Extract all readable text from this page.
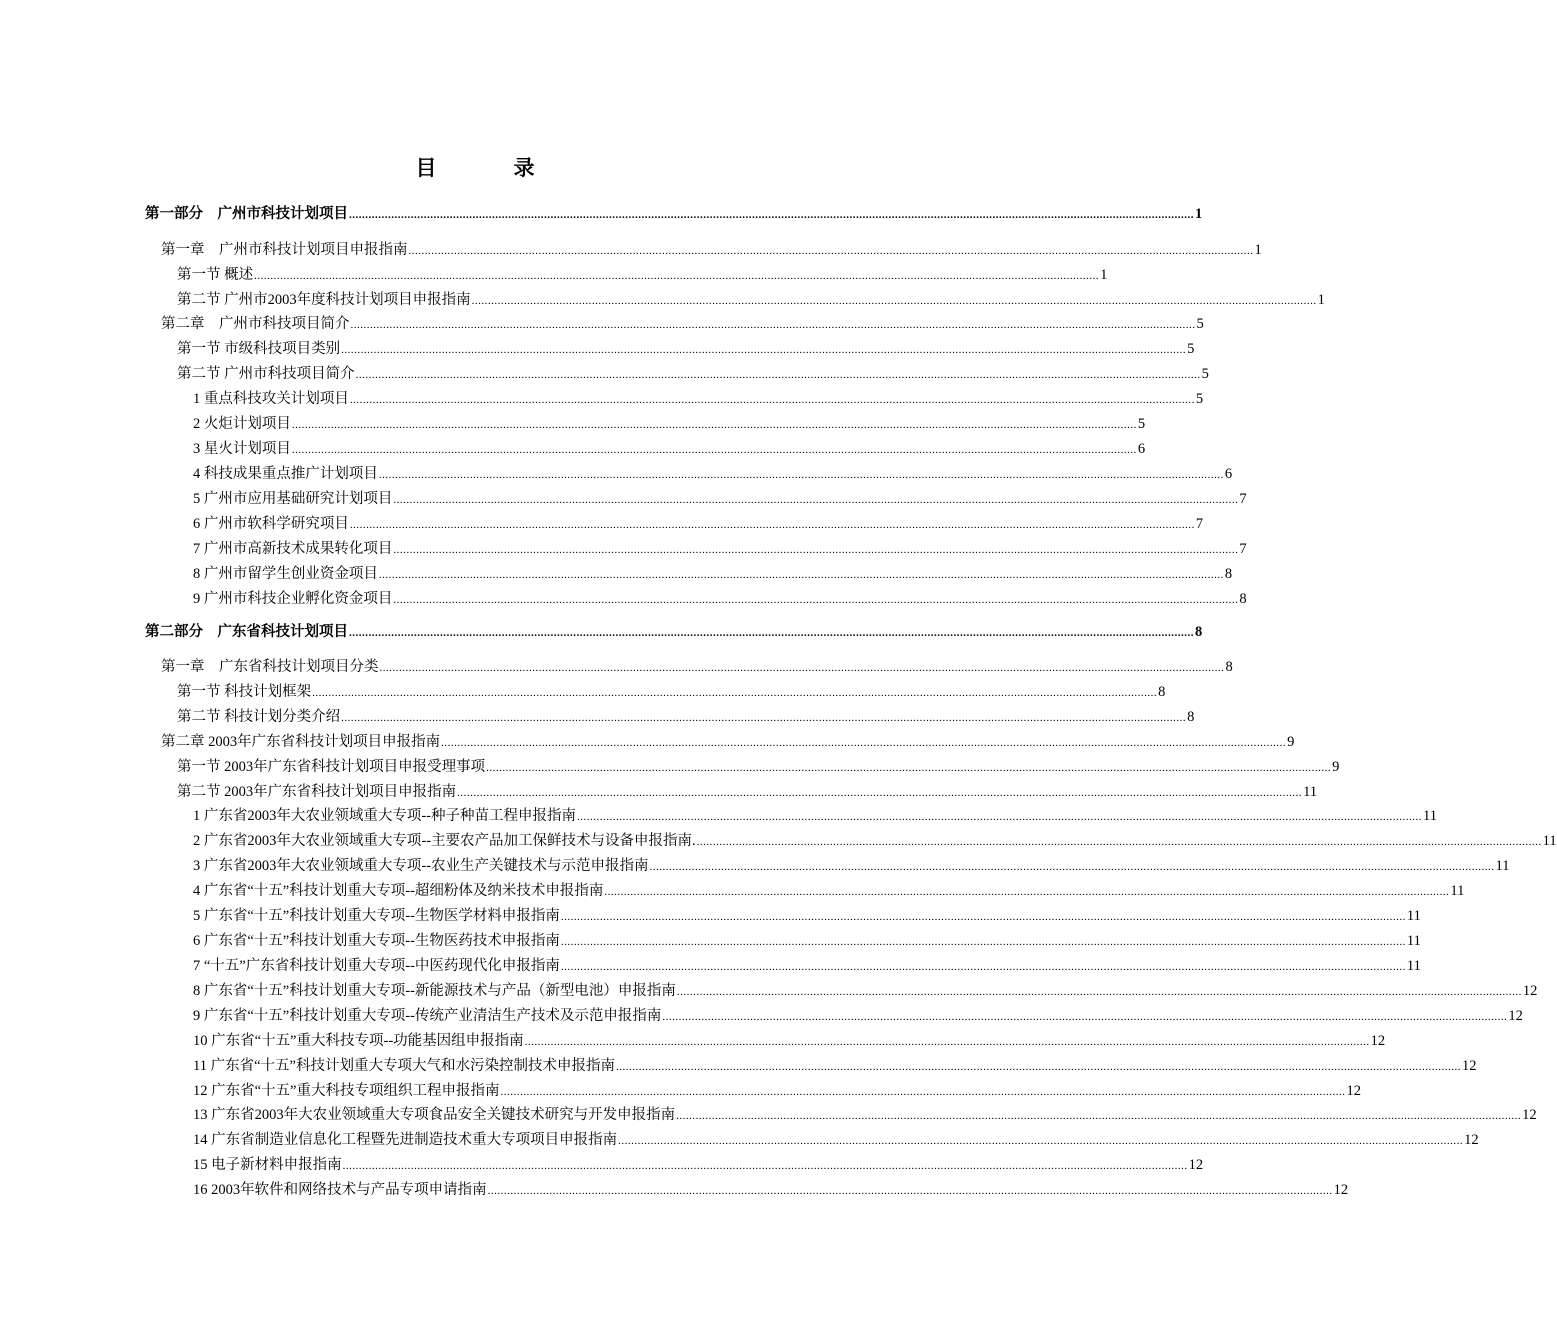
目　录
第一部分　广州市科技计划项目 .................................................................................................................................................................................................................................................................... 1
第一章　广州市科技计划项目申报指南 .................................................................................................................................................................................................................................................................... 1
第一节 概述 .................................................................................................................................................................................................................................................................... 1
第二节 广州市2003年度科技计划项目申报指南 .................................................................................................................................................................................................................................................................... 1
第二章　广州市科技项目简介 .................................................................................................................................................................................................................................................................... 5
第一节 市级科技项目类别 .................................................................................................................................................................................................................................................................... 5
第二节 广州市科技项目简介 .................................................................................................................................................................................................................................................................... 5
1 重点科技攻关计划项目 .................................................................................................................................................................................................................................................................... 5
2 火炬计划项目 .................................................................................................................................................................................................................................................................... 5
3 星火计划项目 .................................................................................................................................................................................................................................................................... 6
4 科技成果重点推广计划项目 .................................................................................................................................................................................................................................................................... 6
5 广州市应用基础研究计划项目 .................................................................................................................................................................................................................................................................... 7
6 广州市软科学研究项目 .................................................................................................................................................................................................................................................................... 7
7 广州市高新技术成果转化项目 .................................................................................................................................................................................................................................................................... 7
8 广州市留学生创业资金项目 .................................................................................................................................................................................................................................................................... 8
9 广州市科技企业孵化资金项目 .................................................................................................................................................................................................................................................................... 8
第二部分　广东省科技计划项目 .................................................................................................................................................................................................................................................................... 8
第一章　广东省科技计划项目分类 .................................................................................................................................................................................................................................................................... 8
第一节 科技计划框架 .................................................................................................................................................................................................................................................................... 8
第二节 科技计划分类介绍 .................................................................................................................................................................................................................................................................... 8
第二章 2003年广东省科技计划项目申报指南 .................................................................................................................................................................................................................................................................... 9
第一节 2003年广东省科技计划项目申报受理事项 .................................................................................................................................................................................................................................................................... 9
第二节 2003年广东省科技计划项目申报指南 .................................................................................................................................................................................................................................................................... 11
1 广东省2003年大农业领域重大专项--种子种苗工程申报指南 .................................................................................................................................................................................................................................................................... 11
2 广东省2003年大农业领域重大专项--主要农产品加工保鲜技术与设备申报指南. .................................................................................................................................................................................................................................................................... 11
3 广东省2003年大农业领域重大专项--农业生产关键技术与示范申报指南 .................................................................................................................................................................................................................................................................... 11
4 广东省“十五”科技计划重大专项--超细粉体及纳米技术申报指南 .................................................................................................................................................................................................................................................................... 11
5 广东省“十五”科技计划重大专项--生物医学材料申报指南 .................................................................................................................................................................................................................................................................... 11
6 广东省“十五”科技计划重大专项--生物医药技术申报指南 .................................................................................................................................................................................................................................................................... 11
7 “十五”广东省科技计划重大专项--中医药现代化申报指南 .................................................................................................................................................................................................................................................................... 11
8 广东省“十五”科技计划重大专项--新能源技术与产品（新型电池）申报指南 .................................................................................................................................................................................................................................................................... 12
9 广东省“十五”科技计划重大专项--传统产业清洁生产技术及示范申报指南 .................................................................................................................................................................................................................................................................... 12
10 广东省“十五”重大科技专项--功能基因组申报指南 .................................................................................................................................................................................................................................................................... 12
11 广东省“十五”科技计划重大专项大气和水污染控制技术申报指南 .................................................................................................................................................................................................................................................................... 12
12 广东省“十五”重大科技专项组织工程申报指南 .................................................................................................................................................................................................................................................................... 12
13 广东省2003年大农业领域重大专项食品安全关键技术研究与开发申报指南 .................................................................................................................................................................................................................................................................... 12
14 广东省制造业信息化工程暨先进制造技术重大专项项目申报指南 .................................................................................................................................................................................................................................................................... 12
15 电子新材料申报指南 .................................................................................................................................................................................................................................................................... 12
16 2003年软件和网络技术与产品专项申请指南 .................................................................................................................................................................................................................................................................... 12
